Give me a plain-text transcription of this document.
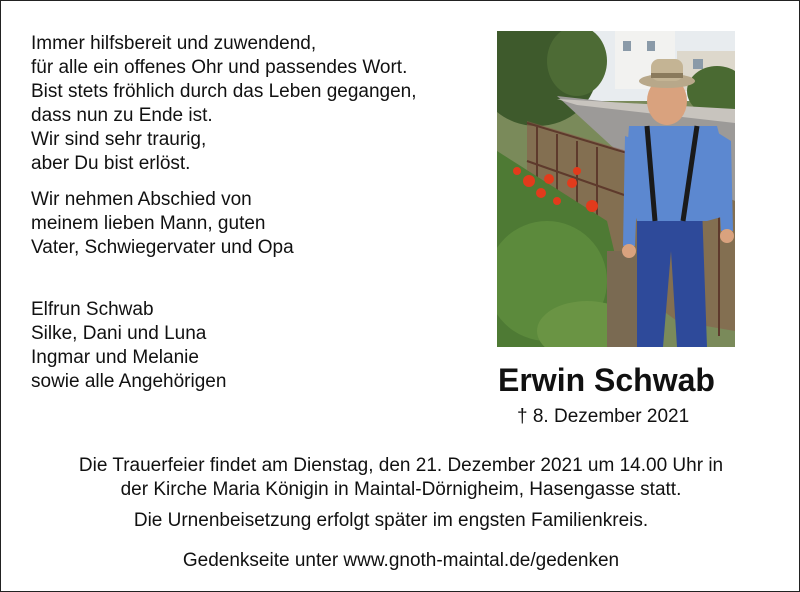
Immer hilfsbereit und zuwendend,
für alle ein offenes Ohr und passendes Wort.
Bist stets fröhlich durch das Leben gegangen,
dass nun zu Ende ist.
Wir sind sehr traurig,
aber Du bist erlöst.
Wir nehmen Abschied von
meinem lieben Mann, guten
Vater, Schwiegervater und Opa
Elfrun Schwab
Silke, Dani und Luna
Ingmar und Melanie
sowie alle Angehörigen	Erwin Schwab
† 8. Dezember 2021
Die Trauerfeier findet am Dienstag, den 21. Dezember 2021 um 14.00 Uhr in
der Kirche Maria Königin in Maintal-Dörnigheim, Hasengasse statt.
Die Urnenbeisetzung erfolgt später im engsten Familienkreis.
Gedenkseite unter www.gnoth-maintal.de/gedenken
